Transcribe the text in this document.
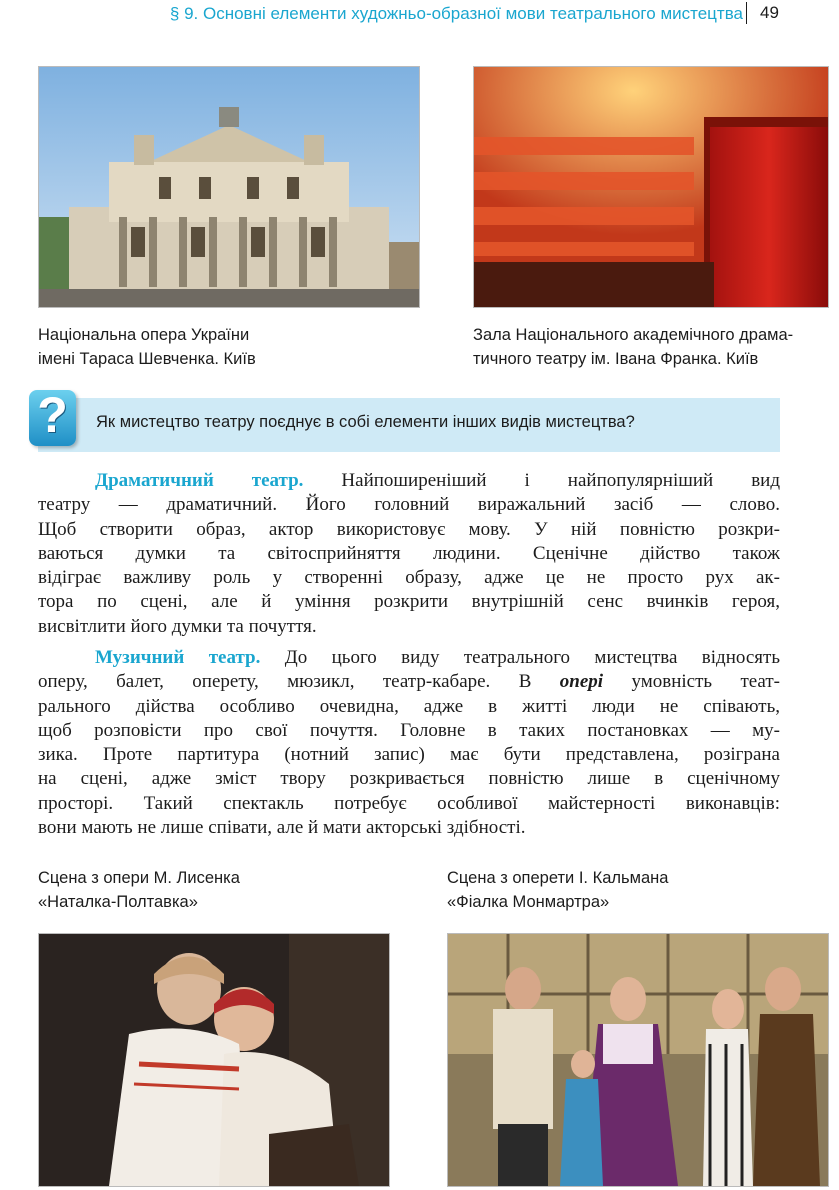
§ 9. Основні елементи художньо-образної мови театрального мистецтва 49
Національна опера України
імені Тараса Шевченка. Київ
Зала Національного академічного драма-
тичного театру ім. Івана Франка. Київ
?	Як мистецтво театру поєднує в собі елементи інших видів мистецтва?
Драматичний театр. Найпоширеніший і найпопулярніший вид
театру — драматичний. Його головний виражальний засіб — слово.
Щоб створити образ, актор використовує мову. У ній повністю розкри-
ваються думки та світосприйняття людини. Сценічне дійство також
відіграє важливу роль у створенні образу, адже це не просто рух ак-
тора по сцені, але й уміння розкрити внутрішній сенс вчинків героя,
висвітлити його думки та почуття.
Музичний театр. До цього виду театрального мистецтва відносять
оперу, балет, оперету, мюзикл, театр-кабаре. В опері умовність теат-
рального дійства особливо очевидна, адже в житті люди не співають,
щоб розповісти про свої почуття. Головне в таких постановках — му-
зика. Проте партитура (нотний запис) має бути представлена, розіграна
на сцені, адже зміст твору розкривається повністю лише в сценічному
просторі. Такий спектакль потребує особливої майстерності виконавців:
вони мають не лише співати, але й мати акторські здібності.
Сцена з опери М. Лисенка
«Наталка-Полтавка»
Сцена з оперети І. Кальмана
«Фіалка Монмартра»
